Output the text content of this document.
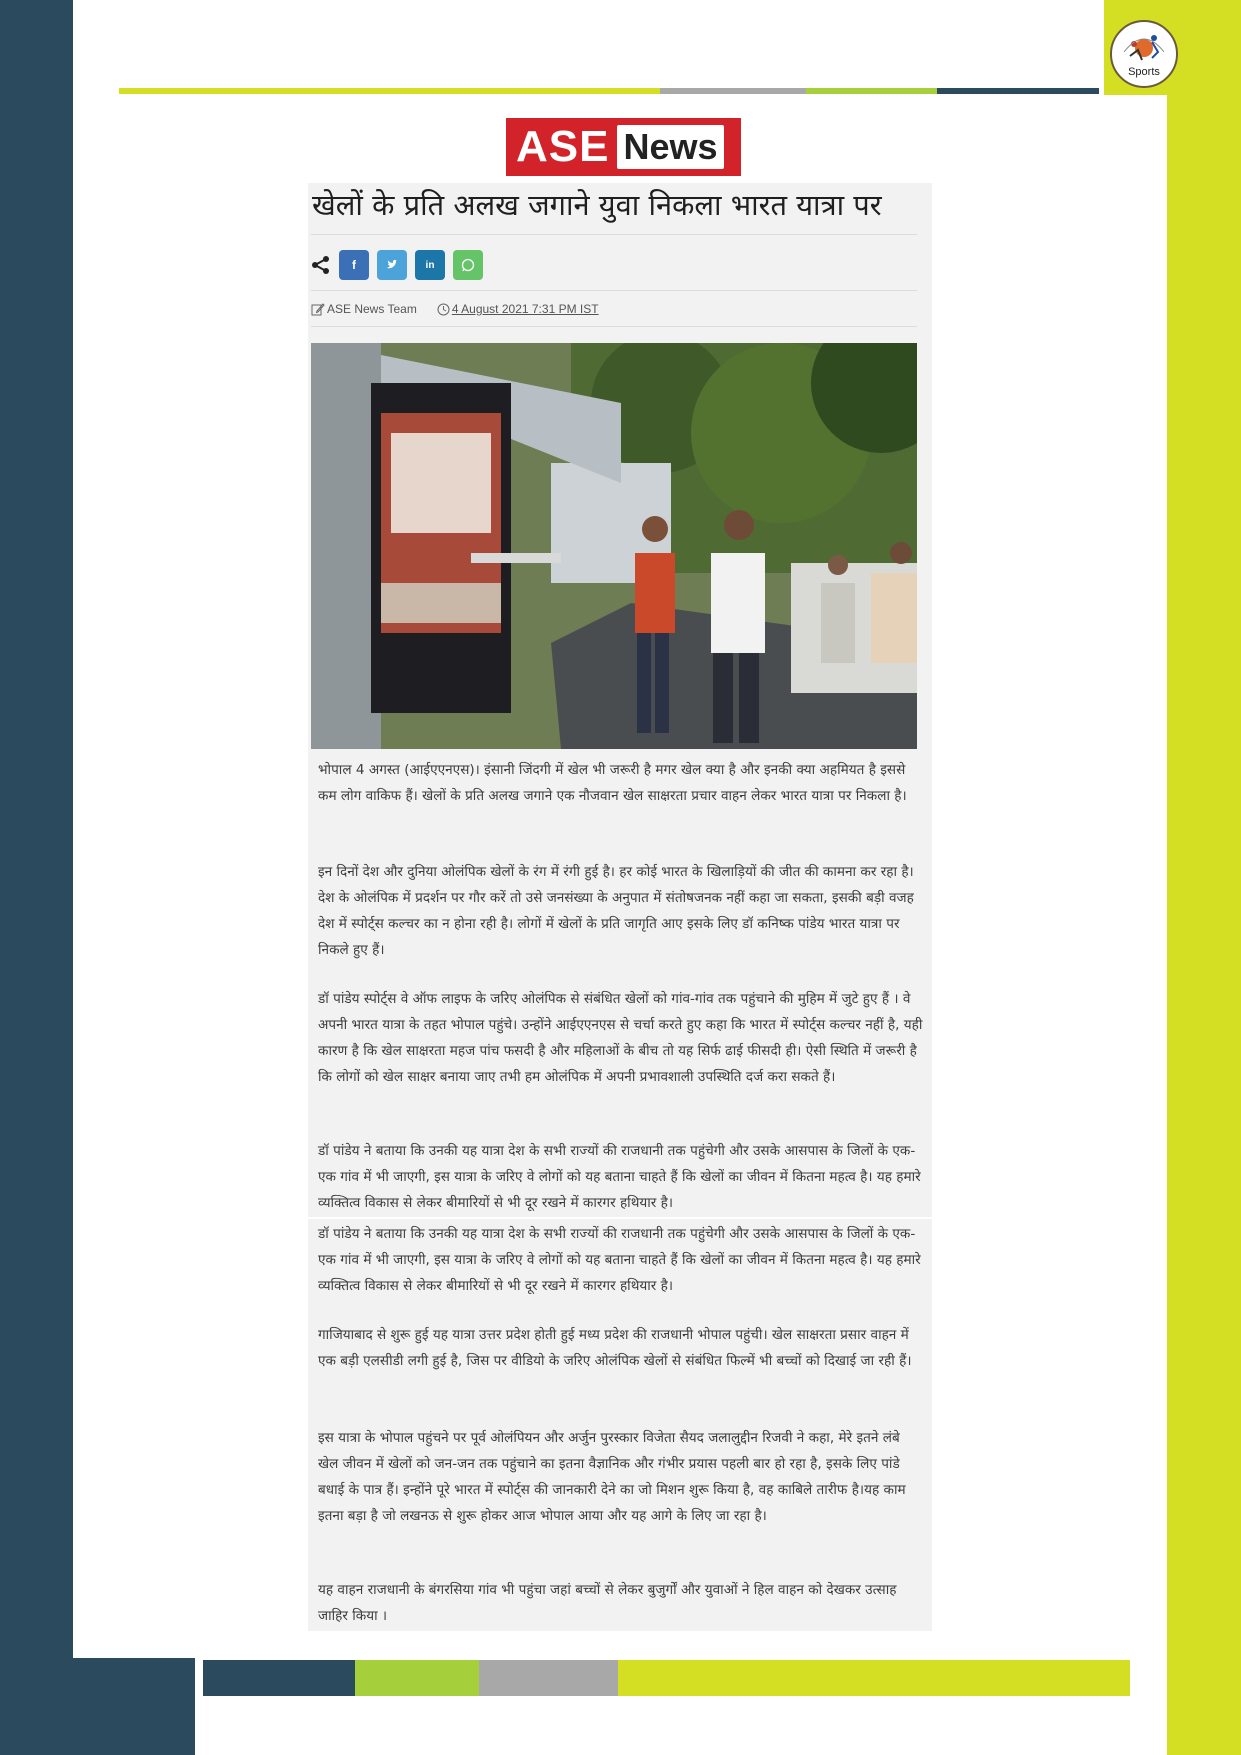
Sports
ASE News
खेलों के प्रति अलख जगाने युवा निकला भारत यात्रा पर
f	in
ASE News Team	4 August 2021 7:31 PM IST
भोपाल 4 अगस्त (आईएएनएस)। इंसानी जिंदगी में खेल भी जरूरी है मगर खेल क्या है और इनकी क्या अहमियत है इससे कम लोग वाकिफ हैं। खेलों के प्रति अलख जगाने एक नौजवान खेल साक्षरता प्रचार वाहन लेकर भारत यात्रा पर निकला है।
इन दिनों देश और दुनिया ओलंपिक खेलों के रंग में रंगी हुई है। हर कोई भारत के खिलाड़ियों की जीत की कामना कर रहा है। देश के ओलंपिक में प्रदर्शन पर गौर करें तो उसे जनसंख्या के अनुपात में संतोषजनक नहीं कहा जा सकता, इसकी बड़ी वजह देश में स्पोर्ट्स कल्चर का न होना रही है। लोगों में खेलों के प्रति जागृति आए इसके लिए डॉ कनिष्क पांडेय भारत यात्रा पर निकले हुए हैं।
डॉ पांडेय स्पोर्ट्स वे ऑफ लाइफ के जरिए ओलंपिक से संबंधित खेलों को गांव-गांव तक पहुंचाने की मुहिम में जुटे हुए हैं । वे अपनी भारत यात्रा के तहत भोपाल पहुंचे। उन्होंने आईएएनएस से चर्चा करते हुए कहा कि भारत में स्पोर्ट्स कल्चर नहीं है, यही कारण है कि खेल साक्षरता महज पांच फसदी है और महिलाओं के बीच तो यह सिर्फ ढाई फीसदी ही। ऐसी स्थिति में जरूरी है कि लोगों को खेल साक्षर बनाया जाए तभी हम ओलंपिक में अपनी प्रभावशाली उपस्थिति दर्ज करा सकते हैं।
डॉ पांडेय ने बताया कि उनकी यह यात्रा देश के सभी राज्यों की राजधानी तक पहुंचेगी और उसके आसपास के जिलों के एक-एक गांव में भी जाएगी, इस यात्रा के जरिए वे लोगों को यह बताना चाहते हैं कि खेलों का जीवन में कितना महत्व है। यह हमारे व्यक्तित्व विकास से लेकर बीमारियों से भी दूर रखने में कारगर हथियार है।
डॉ पांडेय ने बताया कि उनकी यह यात्रा देश के सभी राज्यों की राजधानी तक पहुंचेगी और उसके आसपास के जिलों के एक-एक गांव में भी जाएगी, इस यात्रा के जरिए वे लोगों को यह बताना चाहते हैं कि खेलों का जीवन में कितना महत्व है। यह हमारे व्यक्तित्व विकास से लेकर बीमारियों से भी दूर रखने में कारगर हथियार है।
गाजियाबाद से शुरू हुई यह यात्रा उत्तर प्रदेश होती हुई मध्य प्रदेश की राजधानी भोपाल पहुंची। खेल साक्षरता प्रसार वाहन में एक बड़ी एलसीडी लगी हुई है, जिस पर वीडियो के जरिए ओलंपिक खेलों से संबंधित फिल्में भी बच्चों को दिखाई जा रही हैं।
इस यात्रा के भोपाल पहुंचने पर पूर्व ओलंपियन और अर्जुन पुरस्कार विजेता सैयद जलालुद्दीन रिजवी ने कहा, मेरे इतने लंबे खेल जीवन में खेलों को जन-जन तक पहुंचाने का इतना वैज्ञानिक और गंभीर प्रयास पहली बार हो रहा है, इसके लिए पांडे बधाई के पात्र हैं। इन्होंने पूरे भारत में स्पोर्ट्स की जानकारी देने का जो मिशन शुरू किया है, वह काबिले तारीफ है।यह काम इतना बड़ा है जो लखनऊ से शुरू होकर आज भोपाल आया और यह आगे के लिए जा रहा है।
यह वाहन राजधानी के बंगरसिया गांव भी पहुंचा जहां बच्चों से लेकर बुजुर्गों और युवाओं ने हिल वाहन को देखकर उत्साह जाहिर किया ।
